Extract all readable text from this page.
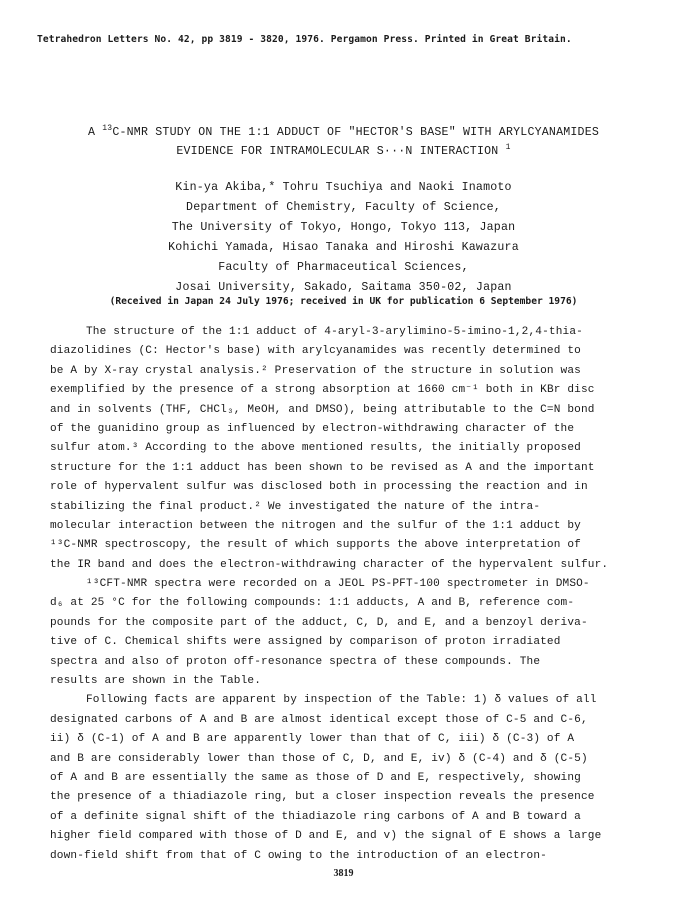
Tetrahedron Letters No. 42, pp 3819 - 3820, 1976. Pergamon Press. Printed in Great Britain.
A $^{13}$C-NMR STUDY ON THE 1:1 ADDUCT OF "HECTOR'S BASE" WITH ARYLCYANAMIDES
EVIDENCE FOR INTRAMOLECULAR S···N INTERACTION $^1$
Kin-ya Akiba,* Tohru Tsuchiya and Naoki Inamoto
Department of Chemistry, Faculty of Science,
The University of Tokyo, Hongo, Tokyo 113, Japan
Kohichi Yamada, Hisao Tanaka and Hiroshi Kawazura
Faculty of Pharmaceutical Sciences,
Josai University, Sakado, Saitama 350-02, Japan
(Received in Japan 24 July 1976; received in UK for publication 6 September 1976)
The structure of the 1:1 adduct of 4-aryl-3-arylimino-5-imino-1,2,4-thia-
diazolidines (C: Hector's base) with arylcyanamides was recently determined to
be A by X-ray crystal analysis.² Preservation of the structure in solution was
exemplified by the presence of a strong absorption at 1660 cm⁻¹ both in KBr disc
and in solvents (THF, CHCl₃, MeOH, and DMSO), being attributable to the C=N bond
of the guanidino group as influenced by electron-withdrawing character of the
sulfur atom.³ According to the above mentioned results, the initially proposed
structure for the 1:1 adduct has been shown to be revised as A and the important
role of hypervalent sulfur was disclosed both in processing the reaction and in
stabilizing the final product.² We investigated the nature of the intra-
molecular interaction between the nitrogen and the sulfur of the 1:1 adduct by
¹³C-NMR spectroscopy, the result of which supports the above interpretation of
the IR band and does the electron-withdrawing character of the hypervalent sulfur.
¹³CFT-NMR spectra were recorded on a JEOL PS-PFT-100 spectrometer in DMSO-
d₆ at 25 °C for the following compounds: 1:1 adducts, A and B, reference com-
pounds for the composite part of the adduct, C, D, and E, and a benzoyl deriva-
tive of C. Chemical shifts were assigned by comparison of proton irradiated
spectra and also of proton off-resonance spectra of these compounds. The
results are shown in the Table.
Following facts are apparent by inspection of the Table: 1) δ values of all
designated carbons of A and B are almost identical except those of C-5 and C-6,
ii) δ (C-1) of A and B are apparently lower than that of C, iii) δ (C-3) of A
and B are considerably lower than those of C, D, and E, iv) δ (C-4) and δ (C-5)
of A and B are essentially the same as those of D and E, respectively, showing
the presence of a thiadiazole ring, but a closer inspection reveals the presence
of a definite signal shift of the thiadiazole ring carbons of A and B toward a
higher field compared with those of D and E, and v) the signal of E shows a large
down-field shift from that of C owing to the introduction of an electron-
3819
